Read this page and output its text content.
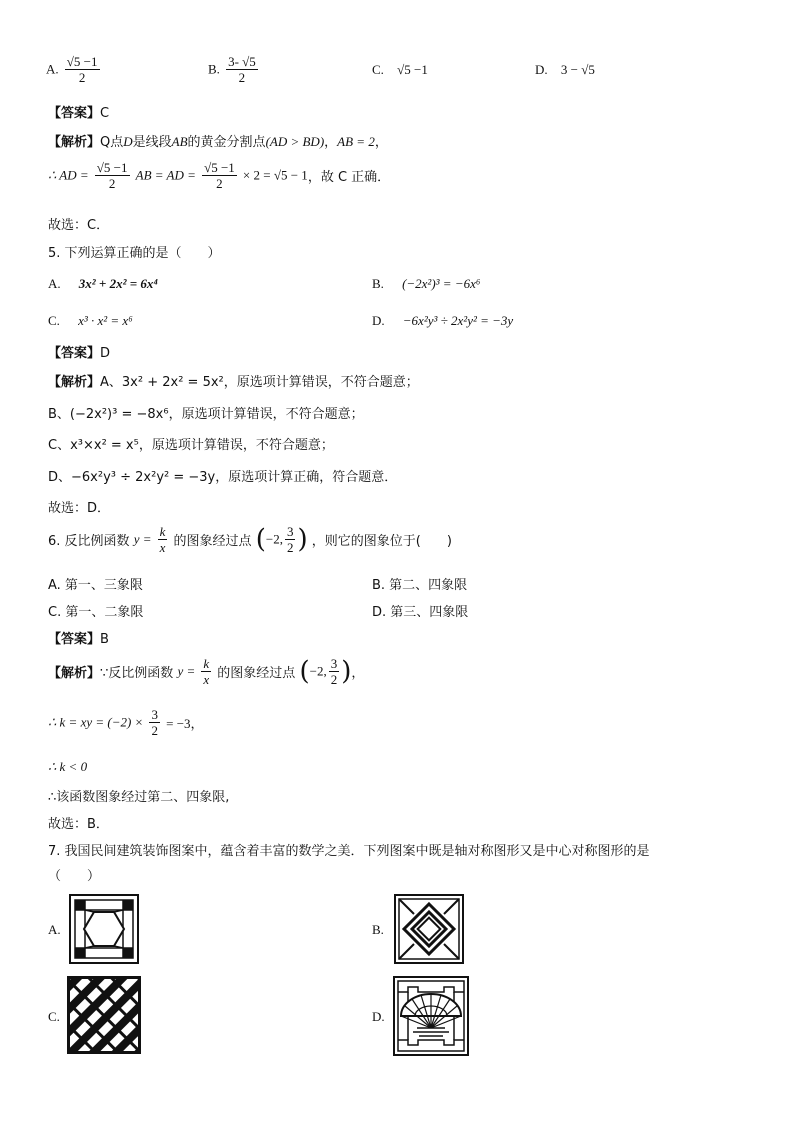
A. $\frac{√5 -1}{2}$	B. $\frac{3- √5}{2}$	C. √5 −1	D. 3 − √5
【答案】C
【解析】Q点D是线段AB的黄金分割点(AD > BD)，AB = 2，
∴ AD = $\frac{√5 -1}{2}$ AB = AD = $\frac{√5 -1}{2} \times 2 = √5 - 1$，故 C 正确．
故选：C．
5. 下列运算正确的是（　　）
A. 3x² + 2x² = 6x⁴	B. (−2x²)³ = −6x⁶
C. x³ · x² = x⁶	D. −6x²y³ ÷ 2x²y² = −3y
【答案】D
【解析】A、3x² + 2x² = 5x²，原选项计算错误，不符合题意；
B、(−2x²)³ = −8x⁶，原选项计算错误，不符合题意；
C、x³×x² = x⁵，原选项计算错误，不符合题意；
D、−6x²y³ ÷ 2x²y² = −3y，原选项计算正确，符合题意．
故选：D．
6. 反比例函数 $y = \frac{k}{x}$ 的图象经过点 (−2, $\frac{3}{2}$ ) ，则它的图象位于(　　)
A. 第一、三象限	B. 第二、四象限
C. 第一、二象限	D. 第三、四象限
【答案】B
【解析】∵反比例函数 $y = \frac{k}{x}$ 的图象经过点 (−2, $\frac{3}{2}$ )，
∴ k = xy = $(-2) \times \frac{3}{2} = -3$，
∴ k < 0
∴该函数图象经过第二、四象限,
故选：B．
7. 我国民间建筑装饰图案中，蕴含着丰富的数学之美．下列图案中既是轴对称图形又是中心对称图形的是
（　　）
A.	B.
C.	D.
